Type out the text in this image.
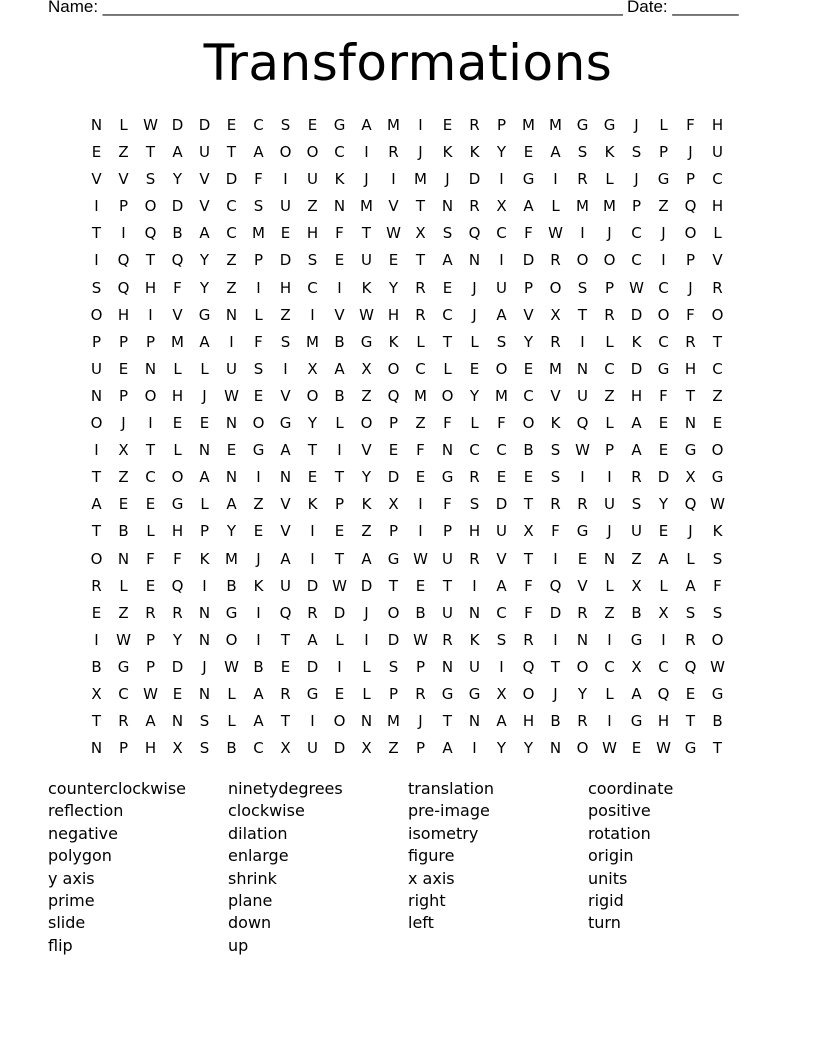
Name: _______________________________________________________ Date: _______
Transformations
N	L	W D	D	E	C	S	E	G	A	M	I	E	R	P	M M G	G	J	L	F	H
E	Z	T	A	U	T	A	O	O	C	I	R	J	K	K	Y	E	A	S	K	S	P	J	U
V	V	S	Y	V	D	F	I	U	K	J	I	M	J	D	I	G	I	R	L	J	G	P	C
I	P	O	D	V	C	S	U	Z	N M	V	T	N	R	X	A	L	M M	P	Z	Q	H
T	I	Q	B	A	C	M	E	H	F	T	W X	S	Q	C	F	W	I	J	C	J	O	L
I	Q	T	Q	Y	Z	P	D	S	E	U	E	T	A	N	I	D	R	O	O	C	I	P	V
S	Q	H	F	Y	Z	I	H	C	I	K	Y	R	E	J	U	P	O	S	P	W C	J	R
O	H	I	V	G	N	L	Z	I	V W H	R	C	J	A	V	X	T	R	D	O	F	O
P	P	P	M	A	I	F	S	M	B	G	K	L	T	L	S	Y	R	I	L	K	C	R	T
U	E	N	L	L	U	S	I	X	A	X	O	C	L	E	O	E	M N	C	D	G	H	C
N	P	O	H	J	W E	V	O	B	Z	Q M O	Y	M	C	V	U	Z	H	F	T	Z
O	J	I	E	E	N	O	G	Y	L	O	P	Z	F	L	F	O	K	Q	L	A	E	N	E
I	X	T	L	N	E	G	A	T	I	V	E	F	N	C	C	B	S W	P	A	E	G	O
T	Z	C	O	A	N	I	N	E	T	Y	D	E	G	R	E	E	S	I	I	R	D	X	G
A	E	E	G	L	A	Z	V	K	P	K	X	I	F	S	D	T	R	R	U	S	Y	Q W
T	B	L	H	P	Y	E	V	I	E	Z	P	I	P	H	U	X	F	G	J	U	E	J	K
O	N	F	F	K	M	J	A	I	T	A	G W U	R	V	T	I	E	N	Z	A	L	S
R	L	E	Q	I	B	K	U	D W D	T	E	T	I	A	F	Q	V	L	X	L	A	F
E	Z	R	R	N	G	I	Q	R	D	J	O	B	U	N	C	F	D	R	Z	B	X	S	S
I	W	P	Y	N	O	I	T	A	L	I	D W R	K	S	R	I	N	I	G	I	R	O
B	G	P	D	J	W B	E	D	I	L	S	P	N	U	I	Q	T	O	C	X	C	Q W
X	C W E	N	L	A	R	G	E	L	P	R	G	G	X	O	J	Y	L	A	Q	E	G
T	R	A	N	S	L	A	T	I	O	N M	J	T	N	A	H	B	R	I	G	H	T	B
N	P	H	X	S	B	C	X	U	D	X	Z	P	A	I	Y	Y	N	O W E W G	T
counterclockwise	ninetydegrees	translation	coordinate
reflection	clockwise	pre-image	positive
negative	dilation	isometry	rotation
polygon	enlarge	figure	origin
y axis	shrink	x axis	units
prime	plane	right	rigid
slide	down	left	turn
flip	up
